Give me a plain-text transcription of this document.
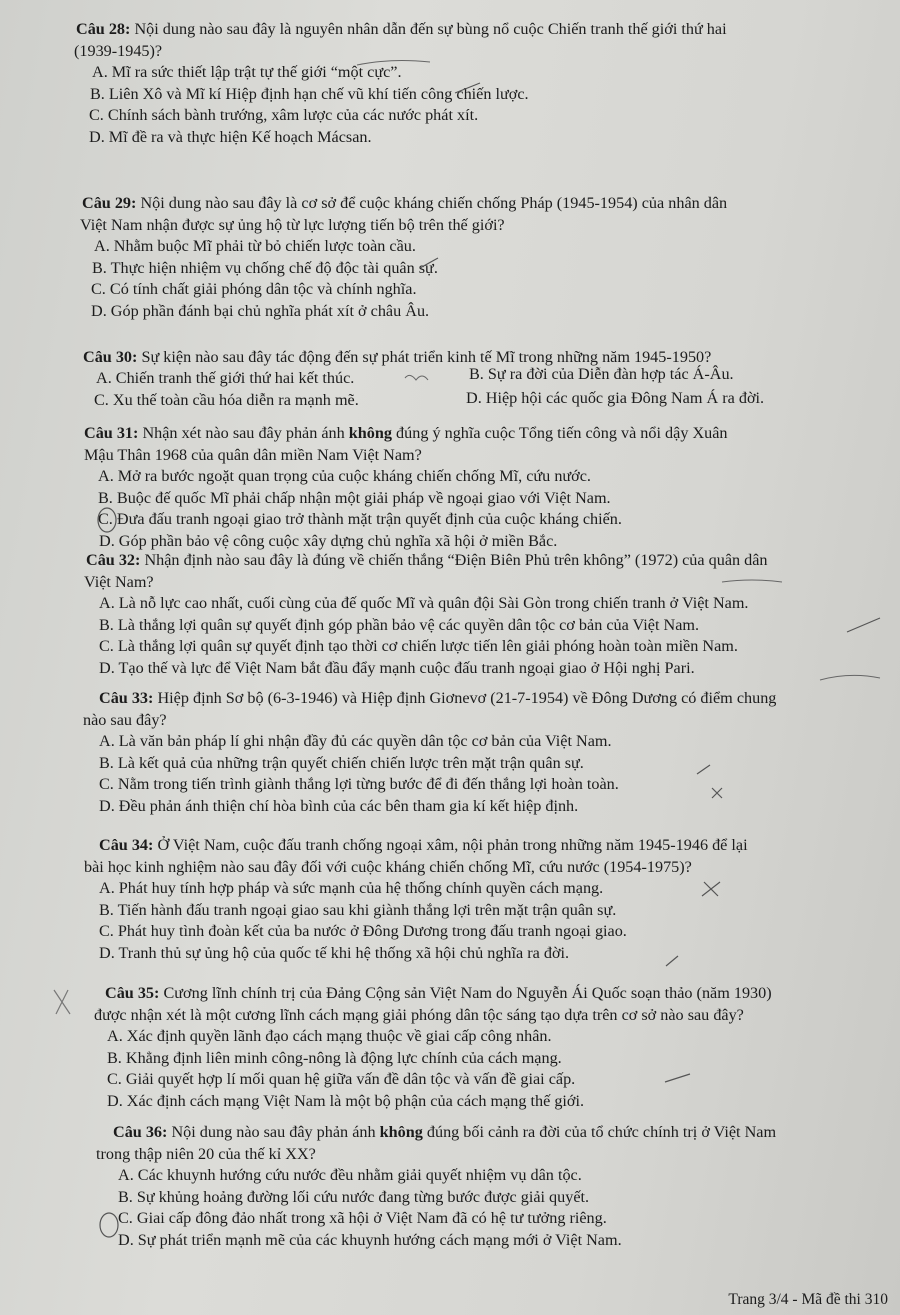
Câu 28: Nội dung nào sau đây là nguyên nhân dẫn đến sự bùng nổ cuộc Chiến tranh thế giới thứ hai
(1939-1945)?
A. Mĩ ra sức thiết lập trật tự thế giới “một cực”.
B. Liên Xô và Mĩ kí Hiệp định hạn chế vũ khí tiến công chiến lược.
C. Chính sách bành trướng, xâm lược của các nước phát xít.
D. Mĩ đề ra và thực hiện Kế hoạch Mácsan.
Câu 29: Nội dung nào sau đây là cơ sở để cuộc kháng chiến chống Pháp (1945-1954) của nhân dân
Việt Nam nhận được sự ủng hộ từ lực lượng tiến bộ trên thế giới?
A. Nhằm buộc Mĩ phải từ bỏ chiến lược toàn cầu.
B. Thực hiện nhiệm vụ chống chế độ độc tài quân sự.
C. Có tính chất giải phóng dân tộc và chính nghĩa.
D. Góp phần đánh bại chủ nghĩa phát xít ở châu Âu.
Câu 30: Sự kiện nào sau đây tác động đến sự phát triển kinh tế Mĩ trong những năm 1945-1950?
A. Chiến tranh thế giới thứ hai kết thúc.	B. Sự ra đời của Diễn đàn hợp tác Á-Âu.
C. Xu thế toàn cầu hóa diễn ra mạnh mẽ.	D. Hiệp hội các quốc gia Đông Nam Á ra đời.
Câu 31: Nhận xét nào sau đây phản ánh không đúng ý nghĩa cuộc Tổng tiến công và nổi dậy Xuân
Mậu Thân 1968 của quân dân miền Nam Việt Nam?
A. Mở ra bước ngoặt quan trọng của cuộc kháng chiến chống Mĩ, cứu nước.
B. Buộc đế quốc Mĩ phải chấp nhận một giải pháp về ngoại giao với Việt Nam.
C. Đưa đấu tranh ngoại giao trở thành mặt trận quyết định của cuộc kháng chiến.
D. Góp phần bảo vệ công cuộc xây dựng chủ nghĩa xã hội ở miền Bắc.
Câu 32: Nhận định nào sau đây là đúng về chiến thắng “Điện Biên Phủ trên không” (1972) của quân dân
Việt Nam?
A. Là nỗ lực cao nhất, cuối cùng của đế quốc Mĩ và quân đội Sài Gòn trong chiến tranh ở Việt Nam.
B. Là thắng lợi quân sự quyết định góp phần bảo vệ các quyền dân tộc cơ bản của Việt Nam.
C. Là thắng lợi quân sự quyết định tạo thời cơ chiến lược tiến lên giải phóng hoàn toàn miền Nam.
D. Tạo thế và lực để Việt Nam bắt đầu đẩy mạnh cuộc đấu tranh ngoại giao ở Hội nghị Pari.
Câu 33: Hiệp định Sơ bộ (6-3-1946) và Hiệp định Giơnevơ (21-7-1954) về Đông Dương có điểm chung
nào sau đây?
A. Là văn bản pháp lí ghi nhận đầy đủ các quyền dân tộc cơ bản của Việt Nam.
B. Là kết quả của những trận quyết chiến chiến lược trên mặt trận quân sự.
C. Nằm trong tiến trình giành thắng lợi từng bước để đi đến thắng lợi hoàn toàn.
D. Đều phản ánh thiện chí hòa bình của các bên tham gia kí kết hiệp định.
Câu 34: Ở Việt Nam, cuộc đấu tranh chống ngoại xâm, nội phản trong những năm 1945-1946 để lại
bài học kinh nghiệm nào sau đây đối với cuộc kháng chiến chống Mĩ, cứu nước (1954-1975)?
A. Phát huy tính hợp pháp và sức mạnh của hệ thống chính quyền cách mạng.
B. Tiến hành đấu tranh ngoại giao sau khi giành thắng lợi trên mặt trận quân sự.
C. Phát huy tình đoàn kết của ba nước ở Đông Dương trong đấu tranh ngoại giao.
D. Tranh thủ sự ủng hộ của quốc tế khi hệ thống xã hội chủ nghĩa ra đời.
Câu 35: Cương lĩnh chính trị của Đảng Cộng sản Việt Nam do Nguyễn Ái Quốc soạn thảo (năm 1930)
được nhận xét là một cương lĩnh cách mạng giải phóng dân tộc sáng tạo dựa trên cơ sở nào sau đây?
A. Xác định quyền lãnh đạo cách mạng thuộc về giai cấp công nhân.
B. Khẳng định liên minh công-nông là động lực chính của cách mạng.
C. Giải quyết hợp lí mối quan hệ giữa vấn đề dân tộc và vấn đề giai cấp.
D. Xác định cách mạng Việt Nam là một bộ phận của cách mạng thế giới.
Câu 36: Nội dung nào sau đây phản ánh không đúng bối cảnh ra đời của tổ chức chính trị ở Việt Nam
trong thập niên 20 của thế kỉ XX?
A. Các khuynh hướng cứu nước đều nhằm giải quyết nhiệm vụ dân tộc.
B. Sự khủng hoảng đường lối cứu nước đang từng bước được giải quyết.
C. Giai cấp đông đảo nhất trong xã hội ở Việt Nam đã có hệ tư tưởng riêng.
D. Sự phát triển mạnh mẽ của các khuynh hướng cách mạng mới ở Việt Nam.
Trang 3/4 - Mã đề thi 310
